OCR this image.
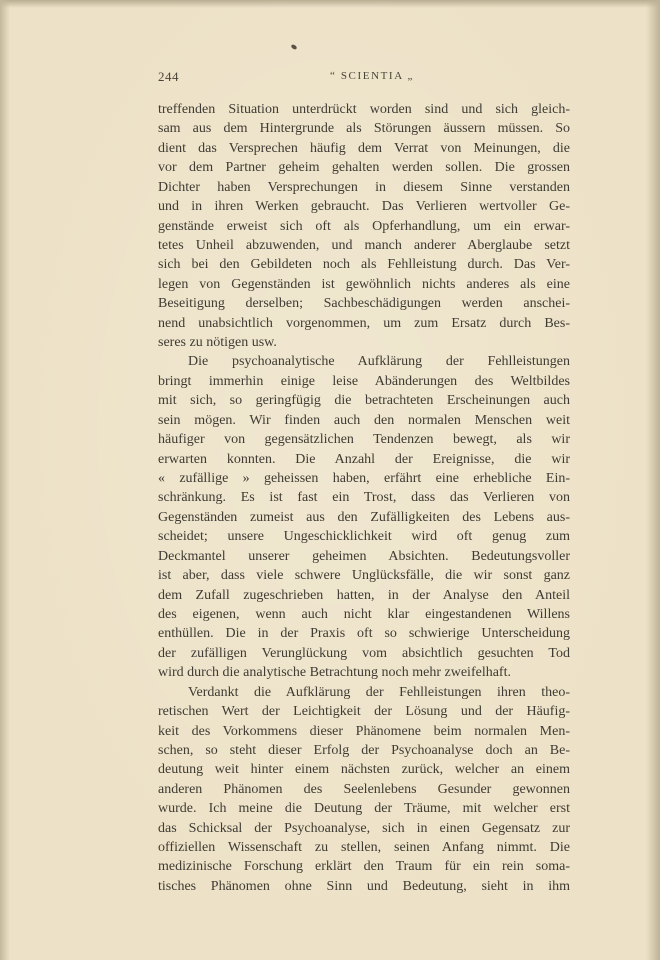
244	“ SCIENTIA „
treffenden Situation unterdrückt worden sind und sich gleich-
sam aus dem Hintergrunde als Störungen äussern müssen. So
dient das Versprechen häufig dem Verrat von Meinungen, die
vor dem Partner geheim gehalten werden sollen. Die grossen
Dichter haben Versprechungen in diesem Sinne verstanden
und in ihren Werken gebraucht. Das Verlieren wertvoller Ge-
genstände erweist sich oft als Opferhandlung, um ein erwar-
tetes Unheil abzuwenden, und manch anderer Aberglaube setzt
sich bei den Gebildeten noch als Fehlleistung durch. Das Ver-
legen von Gegenständen ist gewöhnlich nichts anderes als eine
Beseitigung derselben; Sachbeschädigungen werden anschei-
nend unabsichtlich vorgenommen, um zum Ersatz durch Bes-
seres zu nötigen usw.
Die psychoanalytische Aufklärung der Fehlleistungen
bringt immerhin einige leise Abänderungen des Weltbildes
mit sich, so geringfügig die betrachteten Erscheinungen auch
sein mögen. Wir finden auch den normalen Menschen weit
häufiger von gegensätzlichen Tendenzen bewegt, als wir
erwarten konnten. Die Anzahl der Ereignisse, die wir
« zufällige » geheissen haben, erfährt eine erhebliche Ein-
schränkung. Es ist fast ein Trost, dass das Verlieren von
Gegenständen zumeist aus den Zufälligkeiten des Lebens aus-
scheidet; unsere Ungeschicklichkeit wird oft genug zum
Deckmantel unserer geheimen Absichten. Bedeutungsvoller
ist aber, dass viele schwere Unglücksfälle, die wir sonst ganz
dem Zufall zugeschrieben hatten, in der Analyse den Anteil
des eigenen, wenn auch nicht klar eingestandenen Willens
enthüllen. Die in der Praxis oft so schwierige Unterscheidung
der zufälligen Verunglückung vom absichtlich gesuchten Tod
wird durch die analytische Betrachtung noch mehr zweifelhaft.
Verdankt die Aufklärung der Fehlleistungen ihren theo-
retischen Wert der Leichtigkeit der Lösung und der Häufig-
keit des Vorkommens dieser Phänomene beim normalen Men-
schen, so steht dieser Erfolg der Psychoanalyse doch an Be-
deutung weit hinter einem nächsten zurück, welcher an einem
anderen Phänomen des Seelenlebens Gesunder gewonnen
wurde. Ich meine die Deutung der Träume, mit welcher erst
das Schicksal der Psychoanalyse, sich in einen Gegensatz zur
offiziellen Wissenschaft zu stellen, seinen Anfang nimmt. Die
medizinische Forschung erklärt den Traum für ein rein soma-
tisches Phänomen ohne Sinn und Bedeutung, sieht in ihm
